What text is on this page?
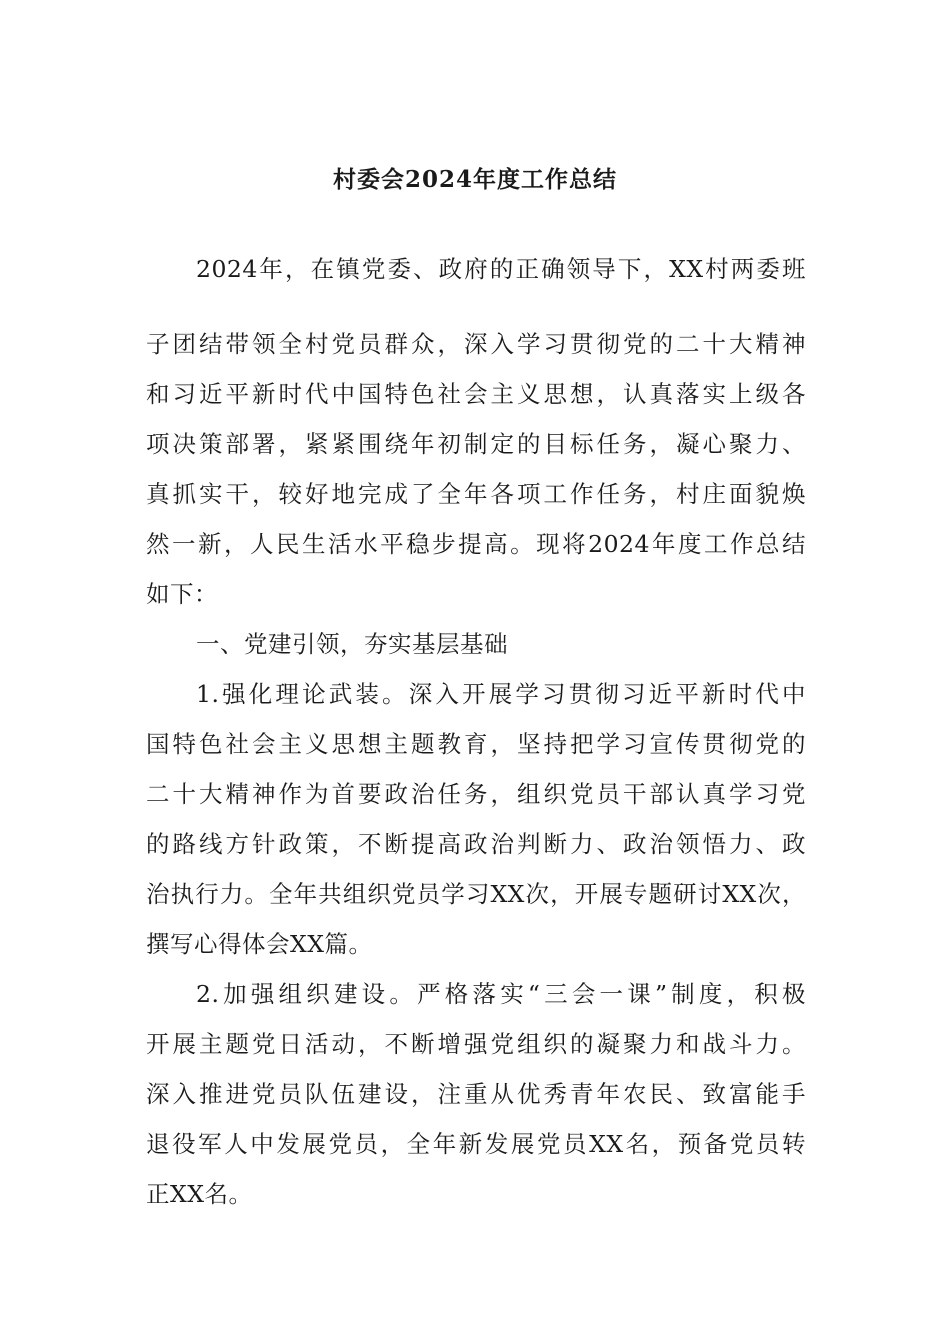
村委会2024年度工作总结
2024年，在镇党委、政府的正确领导下，XX村两委班
子团结带领全村党员群众，深入学习贯彻党的二十大精神
和习近平新时代中国特色社会主义思想，认真落实上级各
项决策部署，紧紧围绕年初制定的目标任务，凝心聚力、
真抓实干，较好地完成了全年各项工作任务，村庄面貌焕
然一新，人民生活水平稳步提高。现将2024年度工作总结
如下：
一、党建引领，夯实基层基础
1.强化理论武装。深入开展学习贯彻习近平新时代中
国特色社会主义思想主题教育，坚持把学习宣传贯彻党的
二十大精神作为首要政治任务，组织党员干部认真学习党
的路线方针政策，不断提高政治判断力、政治领悟力、政
治执行力。全年共组织党员学习XX次，开展专题研讨XX次，
撰写心得体会XX篇。
2.加强组织建设。严格落实“三会一课”制度，积极
开展主题党日活动，不断增强党组织的凝聚力和战斗力。
深入推进党员队伍建设，注重从优秀青年农民、致富能手
退役军人中发展党员，全年新发展党员XX名，预备党员转
正XX名。
